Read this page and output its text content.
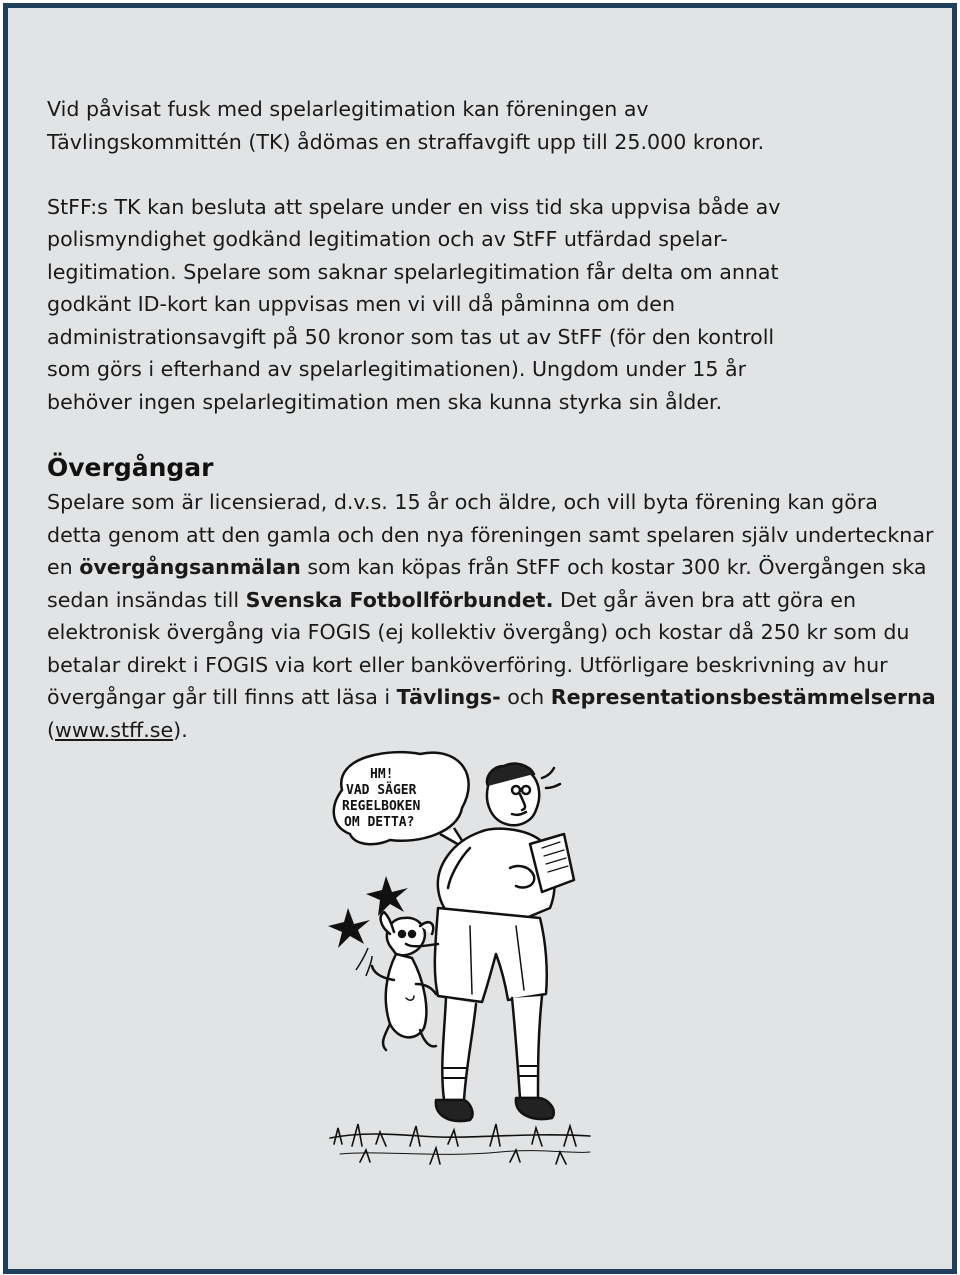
Vid påvisat fusk med spelarlegitimation kan föreningen av
Tävlingskommittén (TK) ådömas en straffavgift upp till 25.000 kronor.
StFF:s TK kan besluta att spelare under en viss tid ska uppvisa både av
polismyndighet godkänd legitimation och av StFF utfärdad spelar-
legitimation. Spelare som saknar spelarlegitimation får delta om annat
godkänt ID-kort kan uppvisas men vi vill då påminna om den
administrationsavgift på 50 kronor som tas ut av StFF (för den kontroll
som görs i efterhand av spelarlegitimationen). Ungdom under 15 år
behöver ingen spelarlegitimation men ska kunna styrka sin ålder.
Övergångar
Spelare som är licensierad, d.v.s. 15 år och äldre, och vill byta förening kan göra
detta genom att den gamla och den nya föreningen samt spelaren själv undertecknar
en övergångsanmälan som kan köpas från StFF och kostar 300 kr. Övergången ska
sedan insändas till Svenska Fotbollförbundet. Det går även bra att göra en
elektronisk övergång via FOGIS (ej kollektiv övergång) och kostar då 250 kr som du
betalar direkt i FOGIS via kort eller banköverföring. Utförligare beskrivning av hur
övergångar går till finns att läsa i Tävlings- och Representationsbestämmelserna
(www.stff.se).
HM!
VAD SÄGER
REGELBOKEN
OM DETTA?
